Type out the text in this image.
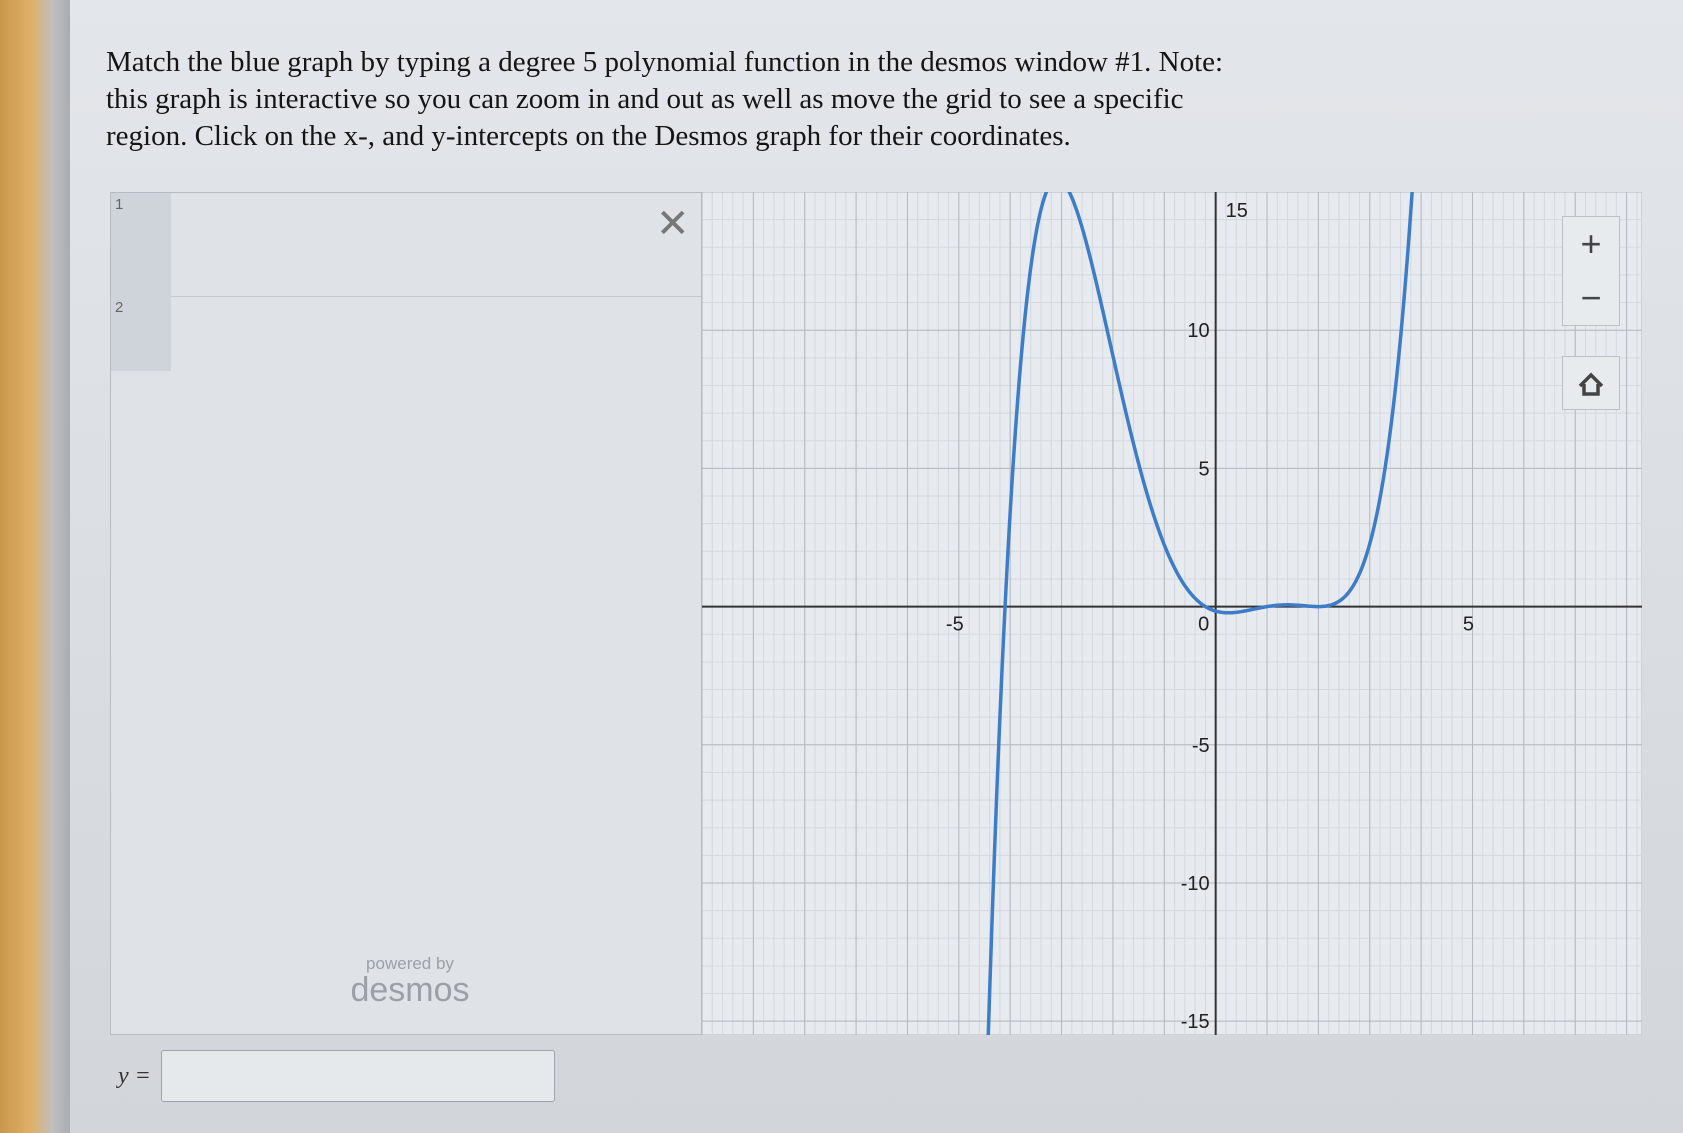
Match the blue graph by typing a degree 5 polynomial function in the desmos window #1. Note:
this graph is interactive so you can zoom in and out as well as move the grid to see a specific
region. Click on the x-, and y-intercepts on the Desmos graph for their coordinates.
1
2
✕
powered by
desmos
-5	0	5
15
10
5
-5
-10
-15
+
−
y =
